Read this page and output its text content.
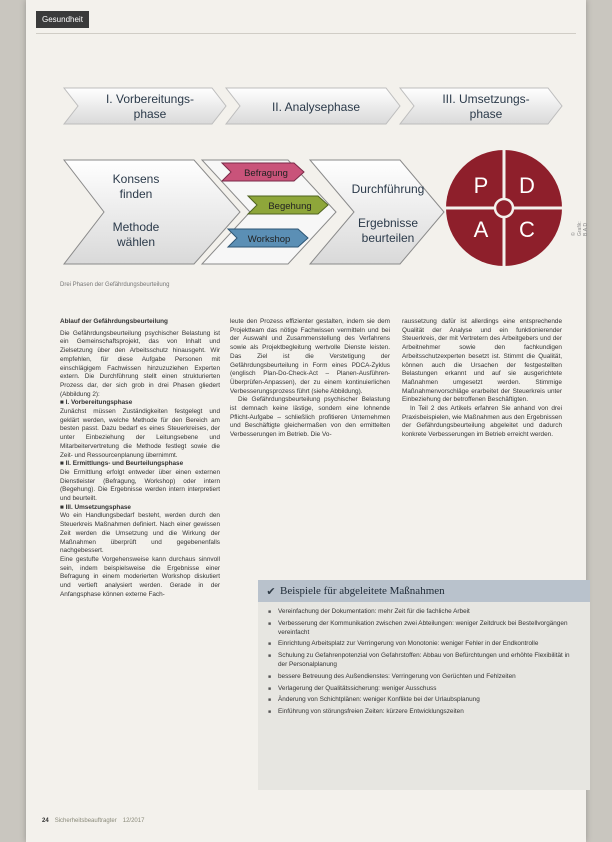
Gesundheit
I. Vorbereitungs-
phase	II. Analysephase
III. Umsetzungs-
phase
Konsens
finden
Methode
wählen
Befragung
Begehung
Workshop
Durchführung
Ergebnisse
beurteilen
P D
A C
Drei Phasen der Gefährdungsbeurteilung
© Grafik: B.A.D

Ablauf der Gefährdungsbeurteilung

Die Gefährdungsbeurteilung psychischer Belastung ist ein Gemeinschaftsprojekt, das von Inhalt und Zielsetzung über den Arbeitsschutz hinausgeht. Wir empfehlen, für diese Aufgabe Personen mit einschlägigem Fachwissen hinzuzuziehen Experten extern. Die Durchführung stellt einen strukturierten Prozess dar, der sich grob in drei Phasen gliedert (Abbildung 2):

■ I. Vorbereitungsphase

Zunächst müssen Zuständigkeiten festgelegt und geklärt werden, welche Methode für den Bereich am besten passt. Dazu bedarf es eines Steuerkreises, der unter Einbeziehung der Leitungsebene und Mitarbeitervertretung die Methode festlegt sowie die Zeit- und Ressourcenplanung übernimmt.

■ II. Ermittlungs- und Beurteilungsphase

Die Ermittlung erfolgt entweder über einen externen Dienstleister (Befragung, Workshop) oder intern (Begehung). Die Ergebnisse werden intern interpretiert und beurteilt.

■ III. Umsetzungsphase

Wo ein Handlungsbedarf besteht, werden durch den Steuerkreis Maßnahmen definiert. Nach einer gewissen Zeit werden die Umsetzung und die Wirkung der Maßnahmen überprüft und gegebenenfalls nachgebessert.

Eine gestufte Vorgehensweise kann durchaus sinnvoll sein, indem beispielsweise die Ergebnisse einer Befragung in einem moderierten Workshop diskutiert und vertieft analysiert werden. Gerade in der Anfangsphase können externe Fach-

leute den Prozess effizienter gestalten, indem sie dem Projektteam das nötige Fachwissen vermitteln und bei der Auswahl und Zusammenstellung des Verfahrens sowie als Projektbegleitung wertvolle Dienste leisten. Das Ziel ist die Verstetigung der Gefährdungsbeurteilung in Form eines PDCA-Zyklus (englisch Plan-Do-Check-Act – Planen-Ausführen-Überprüfen-Anpassen), der zu einem kontinuierlichen Verbesserungsprozess führt (siehe Abbildung).

Die Gefährdungsbeurteilung psychischer Belastung ist demnach keine lästige, sondern eine lohnende Pflicht-Aufgabe – schließlich profitieren Unternehmen und Beschäftigte gleichermaßen von den ermittelten Verbesserungen im Betrieb. Die Vo-

raussetzung dafür ist allerdings eine entsprechende Qualität der Analyse und ein funktionierender Steuerkreis, der mit Vertretern des Arbeitgebers und der Arbeitnehmer sowie den fachkundigen Arbeitsschutzexperten besetzt ist. Stimmt die Qualität, können auch die Ursachen der festgestellten Belastungen erkannt und auf sie ausgerichtete Maßnahmen umgesetzt werden. Stimmige Maßnahmenvorschläge erarbeitet der Steuerkreis unter Einbeziehung der betroffenen Beschäftigten.

In Teil 2 des Artikels erfahren Sie anhand von drei Praxisbeispielen, wie Maßnahmen aus den Ergebnissen der Gefährdungsbeurteilung abgeleitet und dadurch konkrete Verbesserungen im Betrieb erreicht werden.

✔ Beispiele für abgeleitete Maßnahmen
■ Vereinfachung der Dokumentation: mehr Zeit für die fachliche Arbeit
■ Verbesserung der Kommunikation zwischen zwei Abteilungen: weniger Zeitdruck bei Bestellvorgängen vereinfacht
■ Einrichtung Arbeitsplatz zur Verringerung von Monotonie: weniger Fehler in der Endkontrolle
■ Schulung zu Gefahrenpotenzial von Gefahrstoffen: Abbau von Befürchtungen und erhöhte Flexibilität in der Personalplanung
■ bessere Betreuung des Außendienstes: Verringerung von Gerüchten und Fehlzeiten
■ Verlagerung der Qualitätssicherung: weniger Ausschuss
■ Änderung von Schichtplänen: weniger Konflikte bei der Urlaubsplanung
■ Einführung von störungsfreien Zeiten: kürzere Entwicklungszeiten
24 Sicherheitsbeauftragter 12/2017
